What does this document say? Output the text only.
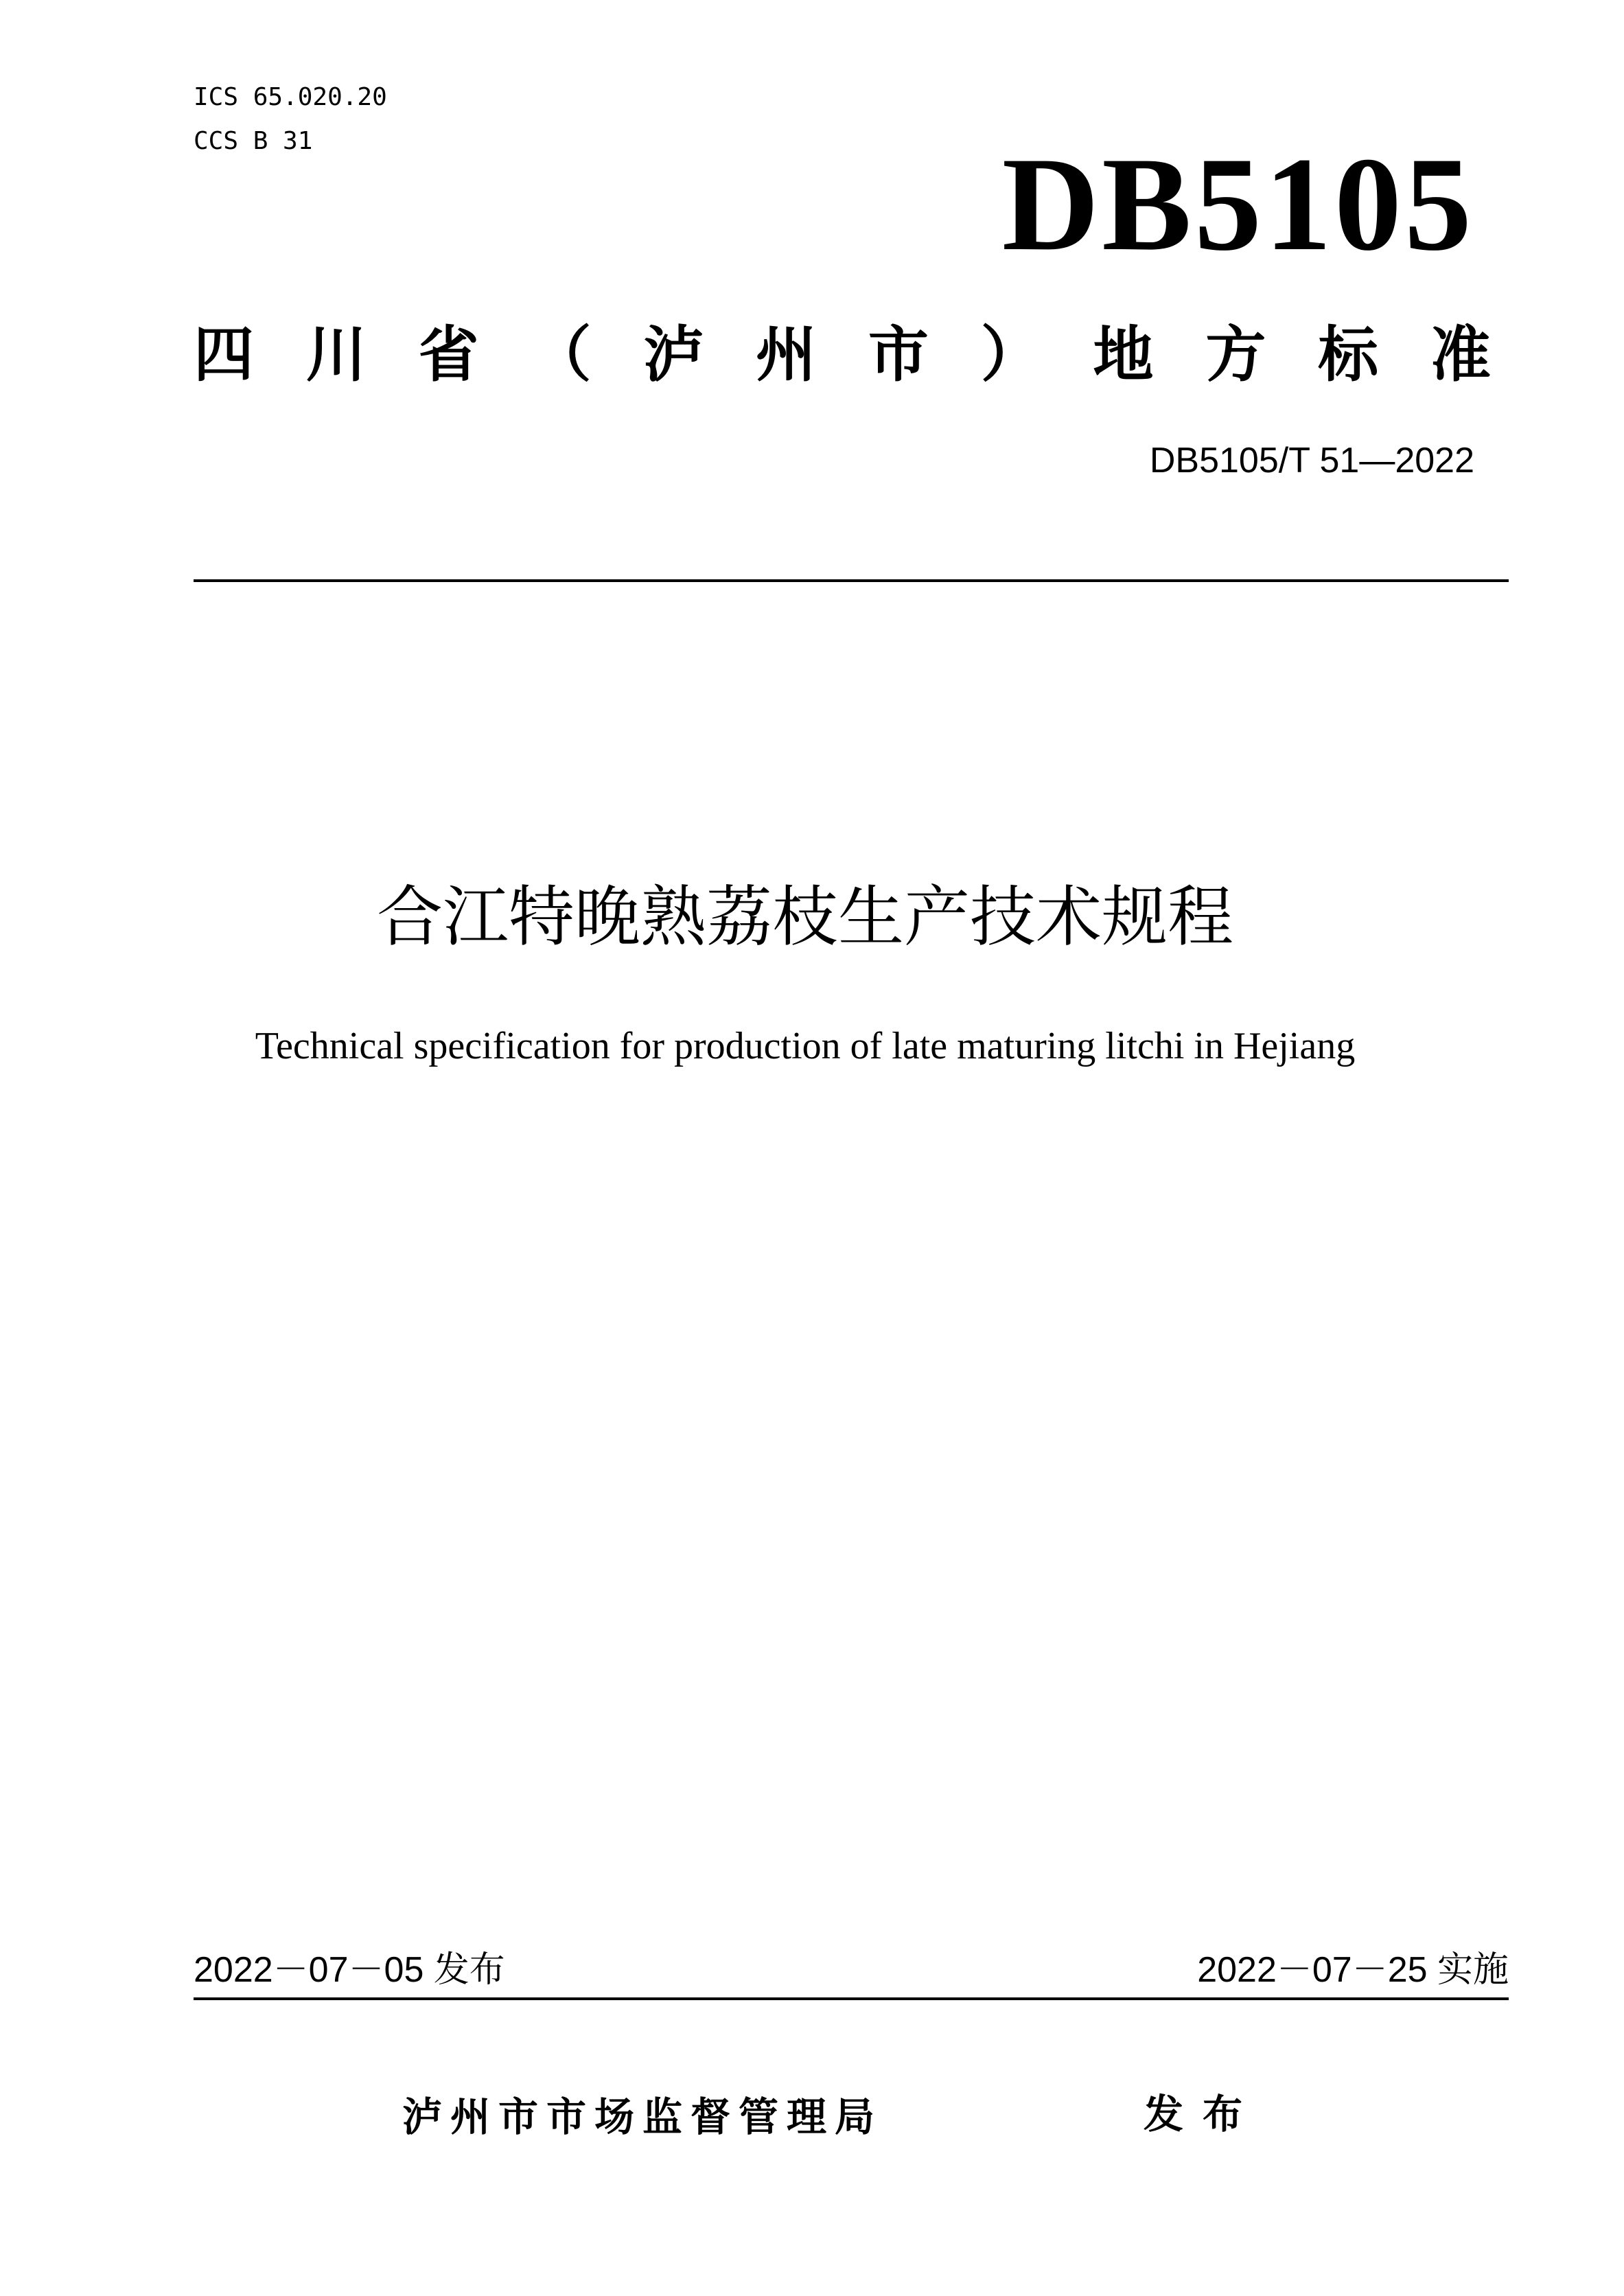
ICS 65.020.20
CCS B 31	DB5105
四 川 省 （ 泸 州 市 ） 地 方 标 准
DB5105/T 51—2022
合江特晚熟荔枝生产技术规程
Technical specification for production of late maturing litchi in Hejiang
2022－07－05 发布	2022－07－25 实施
泸州市市场监督管理局	发布
